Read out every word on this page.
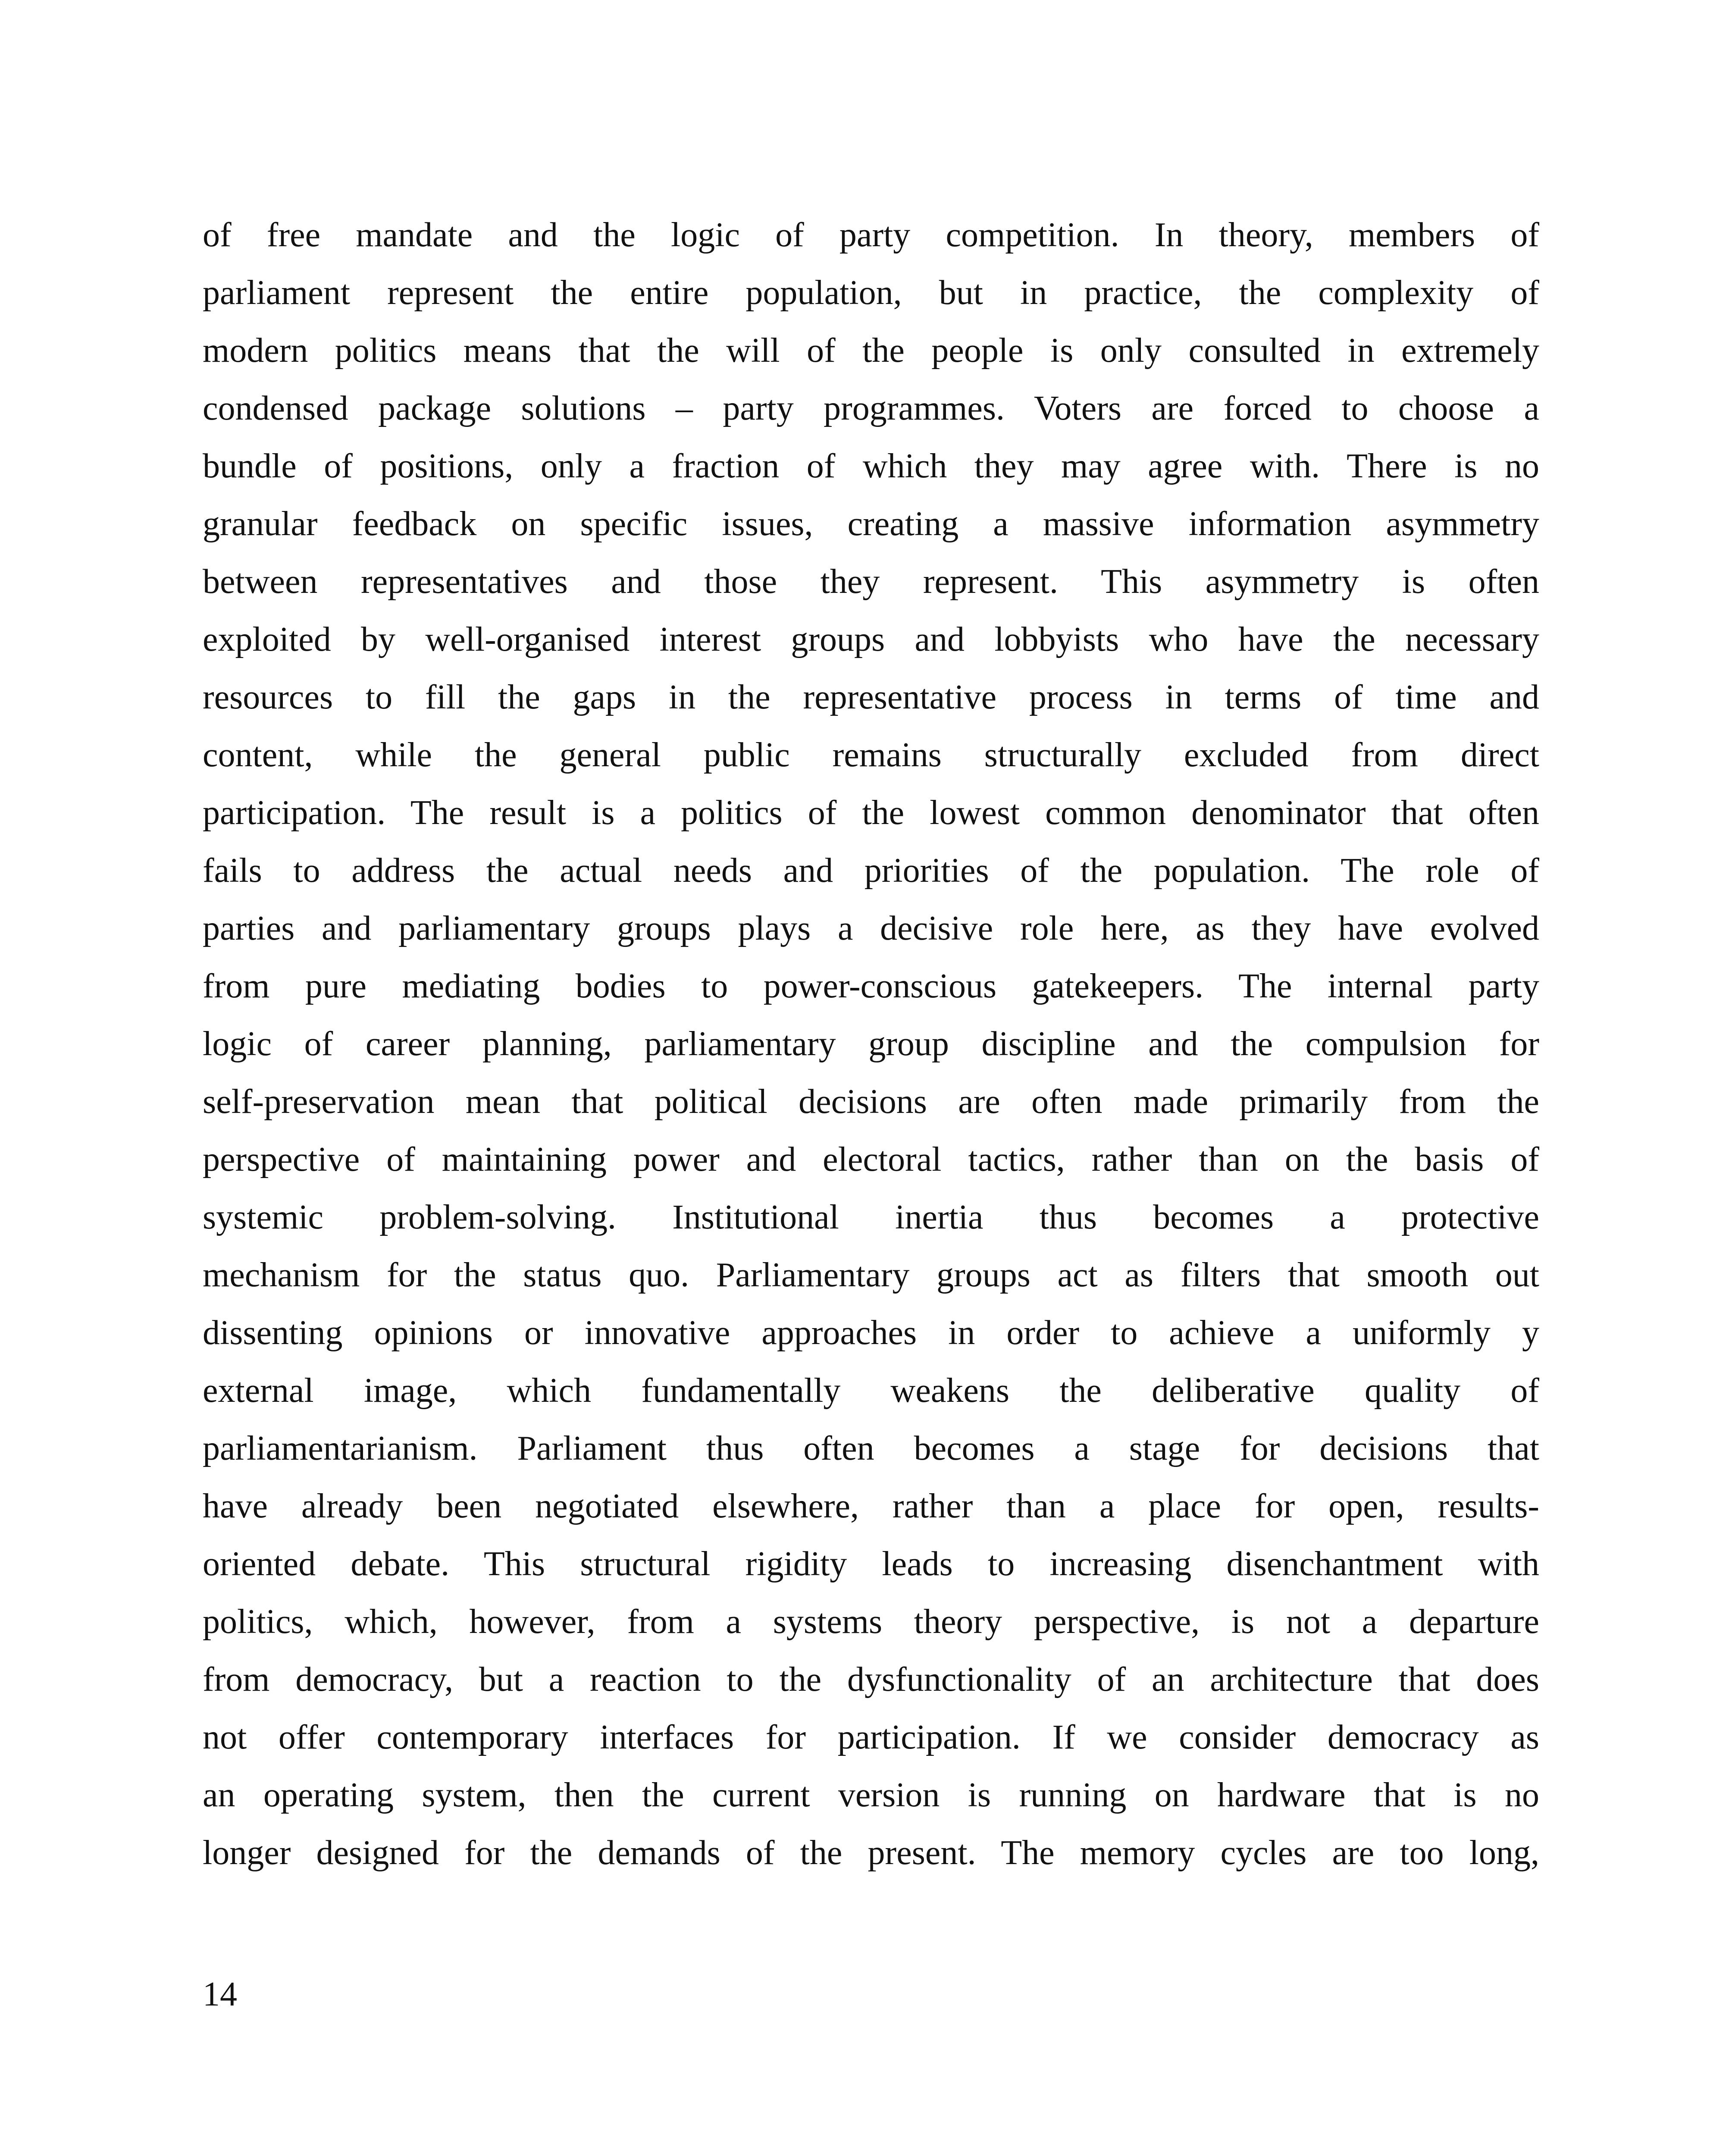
of free mandate and the logic of party competition. In theory, members of
parliament represent the entire population, but in practice, the complexity of
modern politics means that the will of the people is only consulted in extremely
condensed package solutions – party programmes. Voters are forced to choose a
bundle of positions, only a fraction of which they may agree with. There is no
granular feedback on specific issues, creating a massive information asymmetry
between representatives and those they represent. This asymmetry is often
exploited by well-organised interest groups and lobbyists who have the necessary
resources to fill the gaps in the representative process in terms of time and
content, while the general public remains structurally excluded from direct
participation. The result is a politics of the lowest common denominator that often
fails to address the actual needs and priorities of the population. The role of
parties and parliamentary groups plays a decisive role here, as they have evolved
from pure mediating bodies to power-conscious gatekeepers. The internal party
logic of career planning, parliamentary group discipline and the compulsion for
self-preservation mean that political decisions are often made primarily from the
perspective of maintaining power and electoral tactics, rather than on the basis of
systemic problem-solving. Institutional inertia thus becomes a protective
mechanism for the status quo. Parliamentary groups act as filters that smooth out
dissenting opinions or innovative approaches in order to achieve a uniformly y
external image, which fundamentally weakens the deliberative quality of
parliamentarianism. Parliament thus often becomes a stage for decisions that
have already been negotiated elsewhere, rather than a place for open, results-
oriented debate. This structural rigidity leads to increasing disenchantment with
politics, which, however, from a systems theory perspective, is not a departure
from democracy, but a reaction to the dysfunctionality of an architecture that does
not offer contemporary interfaces for participation. If we consider democracy as
an operating system, then the current version is running on hardware that is no
longer designed for the demands of the present. The memory cycles are too long,
14
